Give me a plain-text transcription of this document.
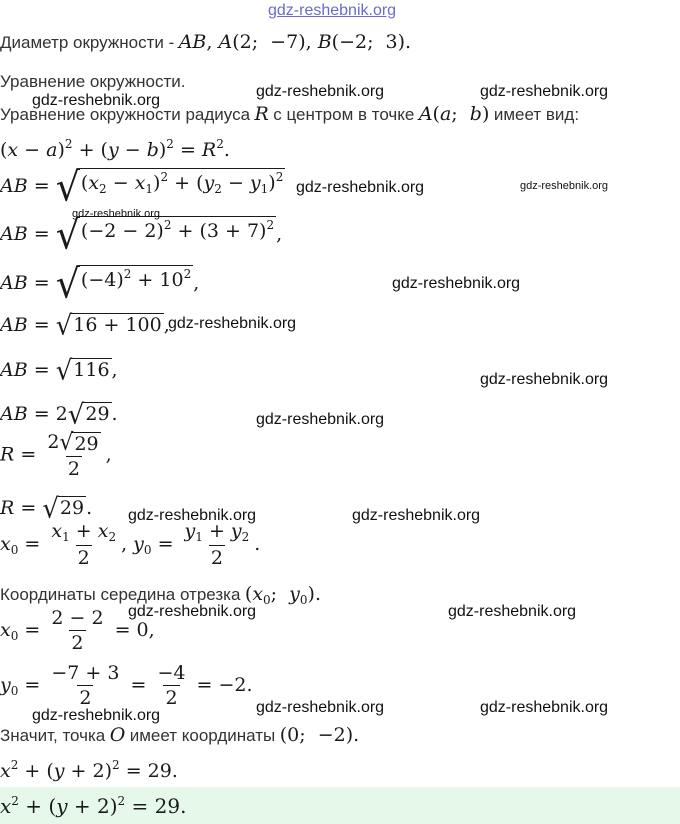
gdz-reshebnik.org
Диаметр окружности - AB, A(2;  −7), B(−2;  3).
Уравнение окружности.
Уравнение окружности радиуса R с центром в точке A(a;  b) имеет вид:
$(x - a)^2 + (y - b)^2 = R^2$.
AB = √ $(x_2 - x_1)^2 + (y_2 - y_1)^2$
AB = √ $(-2 - 2)^2 + (3 + 7)^2$ ,
AB = √ $(-4)^2 + 10^2$ ,
AB = √ 16 + 100 ,
AB = √ 116 ,
AB = 2 √ 29 .
$R = \frac{2 √ 29}{2}$ ,
R = √ 29 .
$x_0 = \frac{x_1 + x_2}{2}$ , $y_0 = \frac{y_1 + y_2}{2}$ .
Координаты середина отрезка ($x_0$;  $y_0$).
$x_0 = \frac{2 - 2}{2} = 0$,
$y_0 = \frac{-7 + 3}{2} = \frac{-4}{2} = -2$.
Значит, точка O имеет координаты (0;  −2).
$x^2 + (y + 2)^2 = 29$.
$x^2 + (y + 2)^2 = 29$.
gdz-reshebnik.org	gdz-reshebnik.org
gdz-reshebnik.org
gdz-reshebnik.org	gdz-reshebnik.org
gdz-reshebnik.org
gdz-reshebnik.org
gdz-reshebnik.org
gdz-reshebnik.org
gdz-reshebnik.org
gdz-reshebnik.org	gdz-reshebnik.org
gdz-reshebnik.org	gdz-reshebnik.org
gdz-reshebnik.org	gdz-reshebnik.org
gdz-reshebnik.org
